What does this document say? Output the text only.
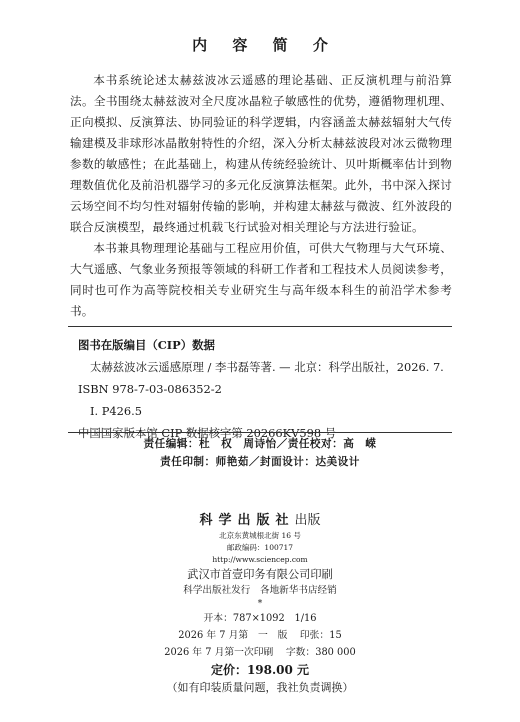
内 容 简 介

本书系统论述太赫兹波冰云遥感的理论基础、正反演机理与前沿算法。全书围绕太赫兹波对全尺度冰晶粒子敏感性的优势，遵循物理机理、正向模拟、反演算法、协同验证的科学逻辑，内容涵盖太赫兹辐射大气传输建模及非球形冰晶散射特性的介绍，深入分析太赫兹波段对冰云微物理参数的敏感性；在此基础上，构建从传统经验统计、贝叶斯概率估计到物理数值优化及前沿机器学习的多元化反演算法框架。此外，书中深入探讨云场空间不均匀性对辐射传输的影响，并构建太赫兹与微波、红外波段的联合反演模型，最终通过机载飞行试验对相关理论与方法进行验证。

本书兼具物理理论基础与工程应用价值，可供大气物理与大气环境、大气遥感、气象业务预报等领域的科研工作者和工程技术人员阅读参考，同时也可作为高等院校相关专业研究生与高年级本科生的前沿学术参考书。

图书在版编目（CIP）数据
太赫兹波冰云遥感原理 / 李书磊等著. — 北京：科学出版社，2026. 7.
ISBN 978-7-03-086352-2
I. P426.5
中国国家版本馆 CIP 数据核字第 20266KV598 号
责任编辑：杜　权　周诗怡／责任校对：高　嵘
责任印制：师艳茹／封面设计：达美设计
科学出版社出版
北京东黄城根北街 16 号
邮政编码：100717
http://www.sciencep.com
武汉市首壹印务有限公司印刷
科学出版社发行　各地新华书店经销
*
开本：787×1092　1/16
2026 年 7 月第　一　版 印张：15
2026 年 7 月第一次印刷 字数：380 000
定价：198.00 元
（如有印装质量问题，我社负责调换）
